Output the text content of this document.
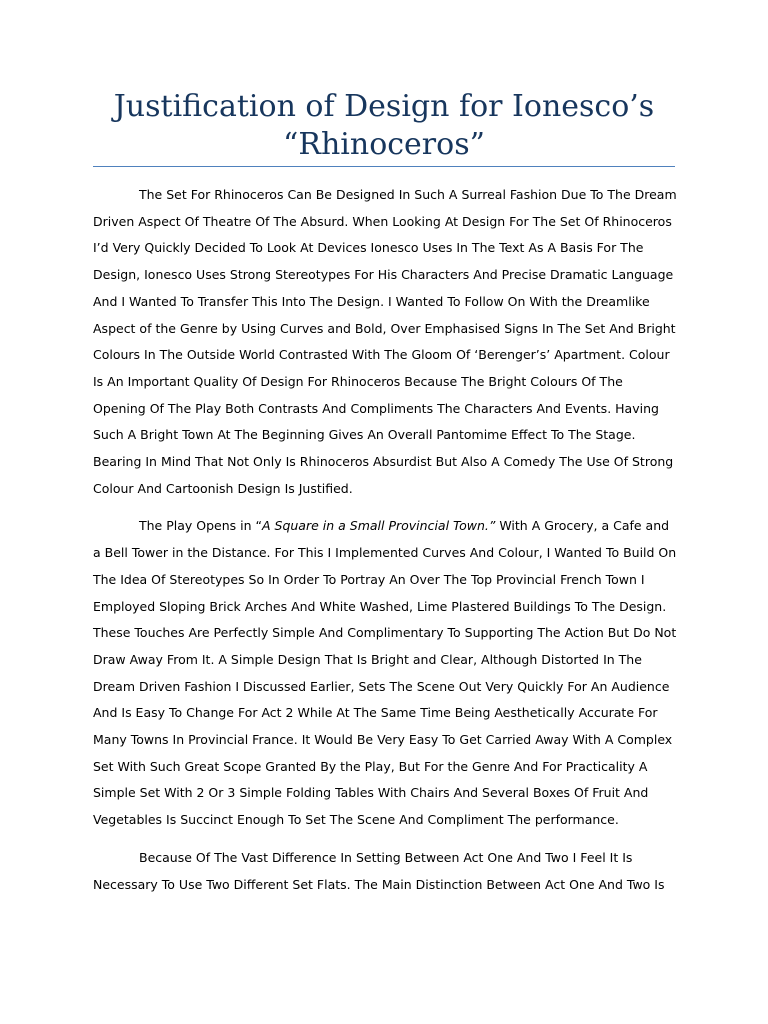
Justification of Design for Ionesco’s
“Rhinoceros”

The Set For Rhinoceros Can Be Designed In Such A Surreal Fashion Due To The Dream Driven Aspect Of Theatre Of The Absurd. When Looking At Design For The Set Of Rhinoceros I’d Very Quickly Decided To Look At Devices Ionesco Uses In The Text As A Basis For The Design, Ionesco Uses Strong Stereotypes For His Characters And Precise Dramatic Language And I Wanted To Transfer This Into The Design. I Wanted To Follow On With the Dreamlike Aspect of the Genre by Using Curves and Bold, Over Emphasised Signs In The Set And Bright Colours In The Outside World Contrasted With The Gloom Of ‘Berenger’s’ Apartment. Colour Is An Important Quality Of Design For Rhinoceros Because The Bright Colours Of The Opening Of The Play Both Contrasts And Compliments The Characters And Events. Having Such A Bright Town At The Beginning Gives An Overall Pantomime Effect To The Stage. Bearing In Mind That Not Only Is Rhinoceros Absurdist But Also A Comedy The Use Of Strong Colour And Cartoonish Design Is Justified.

The Play Opens in “A Square in a Small Provincial Town.” With A Grocery, a Cafe and a Bell Tower in the Distance. For This I Implemented Curves And Colour, I Wanted To Build On The Idea Of Stereotypes So In Order To Portray An Over The Top Provincial French Town I Employed Sloping Brick Arches And White Washed, Lime Plastered Buildings To The Design. These Touches Are Perfectly Simple And Complimentary To Supporting The Action But Do Not Draw Away From It. A Simple Design That Is Bright and Clear, Although Distorted In The Dream Driven Fashion I Discussed Earlier, Sets The Scene Out Very Quickly For An Audience And Is Easy To Change For Act 2 While At The Same Time Being Aesthetically Accurate For Many Towns In Provincial France. It Would Be Very Easy To Get Carried Away With A Complex Set With Such Great Scope Granted By the Play, But For the Genre And For Practicality A Simple Set With 2 Or 3 Simple Folding Tables With Chairs And Several Boxes Of Fruit And Vegetables Is Succinct Enough To Set The Scene And Compliment The performance.

Because Of The Vast Difference In Setting Between Act One And Two I Feel It Is Necessary To Use Two Different Set Flats. The Main Distinction Between Act One And Two Is
